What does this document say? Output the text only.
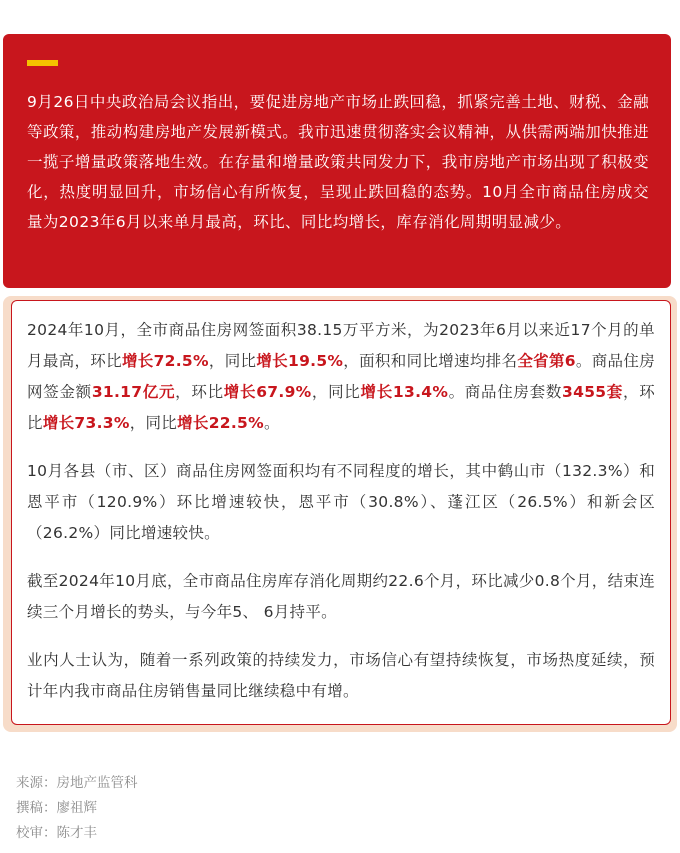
9月26日中央政治局会议指出，要促进房地产市场止跌回稳，抓紧完善土地、财税、金融等政策，推动构建房地产发展新模式。我市迅速贯彻落实会议精神，从供需两端加快推进一揽子增量政策落地生效。在存量和增量政策共同发力下，我市房地产市场出现了积极变化，热度明显回升，市场信心有所恢复，呈现止跌回稳的态势。10月全市商品住房成交量为2023年6月以来单月最高，环比、同比均增长，库存消化周期明显减少。

2024年10月，全市商品住房网签面积38.15万平方米，为2023年6月以来近17个月的单月最高，环比增长72.5%，同比增长19.5%，面积和同比增速均排名全省第6。商品住房网签金额31.17亿元，环比增长67.9%，同比增长13.4%。商品住房套数3455套，环比增长73.3%，同比增长22.5%。

10月各县（市、区）商品住房网签面积均有不同程度的增长，其中鹤山市（132.3%）和恩平市（120.9%）环比增速较快，恩平市（30.8%）、蓬江区（26.5%）和新会区（26.2%）同比增速较快。

截至2024年10月底，全市商品住房库存消化周期约22.6个月，环比减少0.8个月，结束连续三个月增长的势头，与今年5、 6月持平。

业内人士认为，随着一系列政策的持续发力，市场信心有望持续恢复，市场热度延续，预计年内我市商品住房销售量同比继续稳中有增。

来源：房地产监管科
撰稿：廖祖辉
校审：陈才丰
